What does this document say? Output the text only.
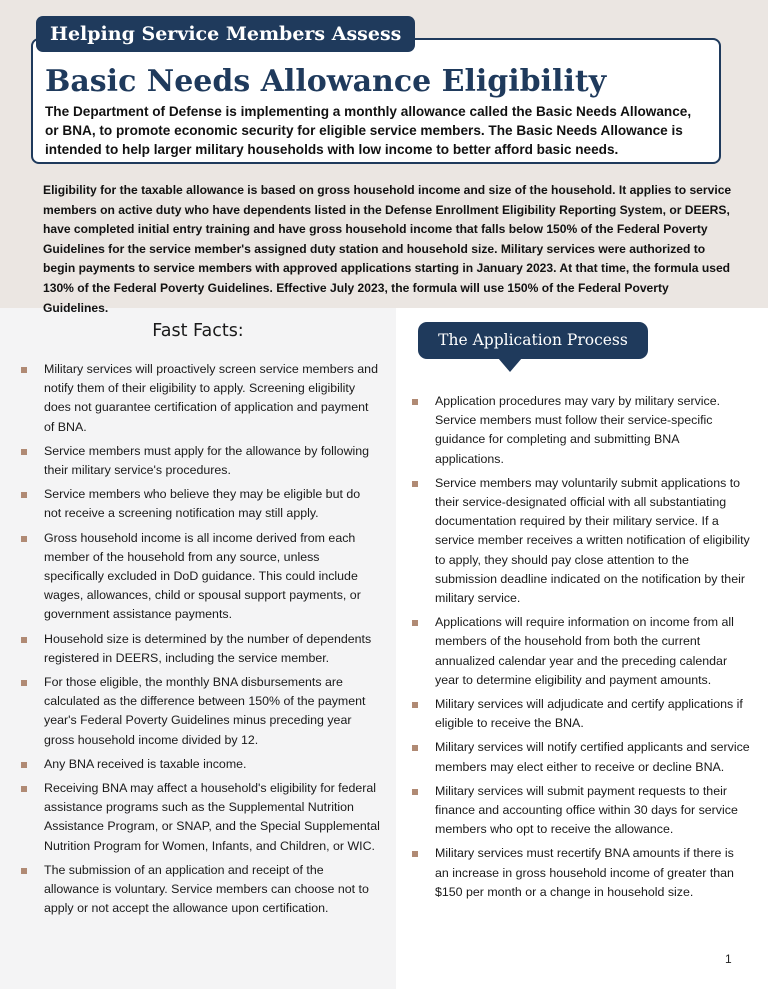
Helping Service Members Assess
Basic Needs Allowance Eligibility

The Department of Defense is implementing a monthly allowance called the Basic Needs Allowance, or BNA, to promote economic security for eligible service members. The Basic Needs Allowance is intended to help larger military households with low income to better afford basic needs.

Eligibility for the taxable allowance is based on gross household income and size of the household. It applies to service members on active duty who have dependents listed in the Defense Enrollment Eligibility Reporting System, or DEERS, have completed initial entry training and have gross household income that falls below 150% of the Federal Poverty Guidelines for the service member's assigned duty station and household size. Military services were authorized to begin payments to service members with approved applications starting in January 2023. At that time, the formula used 130% of the Federal Poverty Guidelines. Effective July 2023, the formula will use 150% of the Federal Poverty Guidelines.

Fast Facts:
Military services will proactively screen service members and notify them of their eligibility to apply. Screening eligibility does not guarantee certification of application and payment of BNA.
Service members must apply for the allowance by following their military service's procedures.
Service members who believe they may be eligible but do not receive a screening notification may still apply.
Gross household income is all income derived from each member of the household from any source, unless specifically excluded in DoD guidance. This could include wages, allowances, child or spousal support payments, or government assistance payments.
Household size is determined by the number of dependents registered in DEERS, including the service member.
For those eligible, the monthly BNA disbursements are calculated as the difference between 150% of the payment year's Federal Poverty Guidelines minus preceding year gross household income divided by 12.
Any BNA received is taxable income.
Receiving BNA may affect a household's eligibility for federal assistance programs such as the Supplemental Nutrition Assistance Program, or SNAP, and the Special Supplemental Nutrition Program for Women, Infants, and Children, or WIC.
The submission of an application and receipt of the allowance is voluntary. Service members can choose not to apply or not accept the allowance upon certification.
The Application Process
Application procedures may vary by military service. Service members must follow their service-specific guidance for completing and submitting BNA applications.
Service members may voluntarily submit applications to their service-designated official with all substantiating documentation required by their military service. If a service member receives a written notification of eligibility to apply, they should pay close attention to the submission deadline indicated on the notification by their military service.
Applications will require information on income from all members of the household from both the current annualized calendar year and the preceding calendar year to determine eligibility and payment amounts.
Military services will adjudicate and certify applications if eligible to receive the BNA.
Military services will notify certified applicants and service members may elect either to receive or decline BNA.
Military services will submit payment requests to their finance and accounting office within 30 days for service members who opt to receive the allowance.
Military services must recertify BNA amounts if there is an increase in gross household income of greater than $150 per month or a change in household size.
1
